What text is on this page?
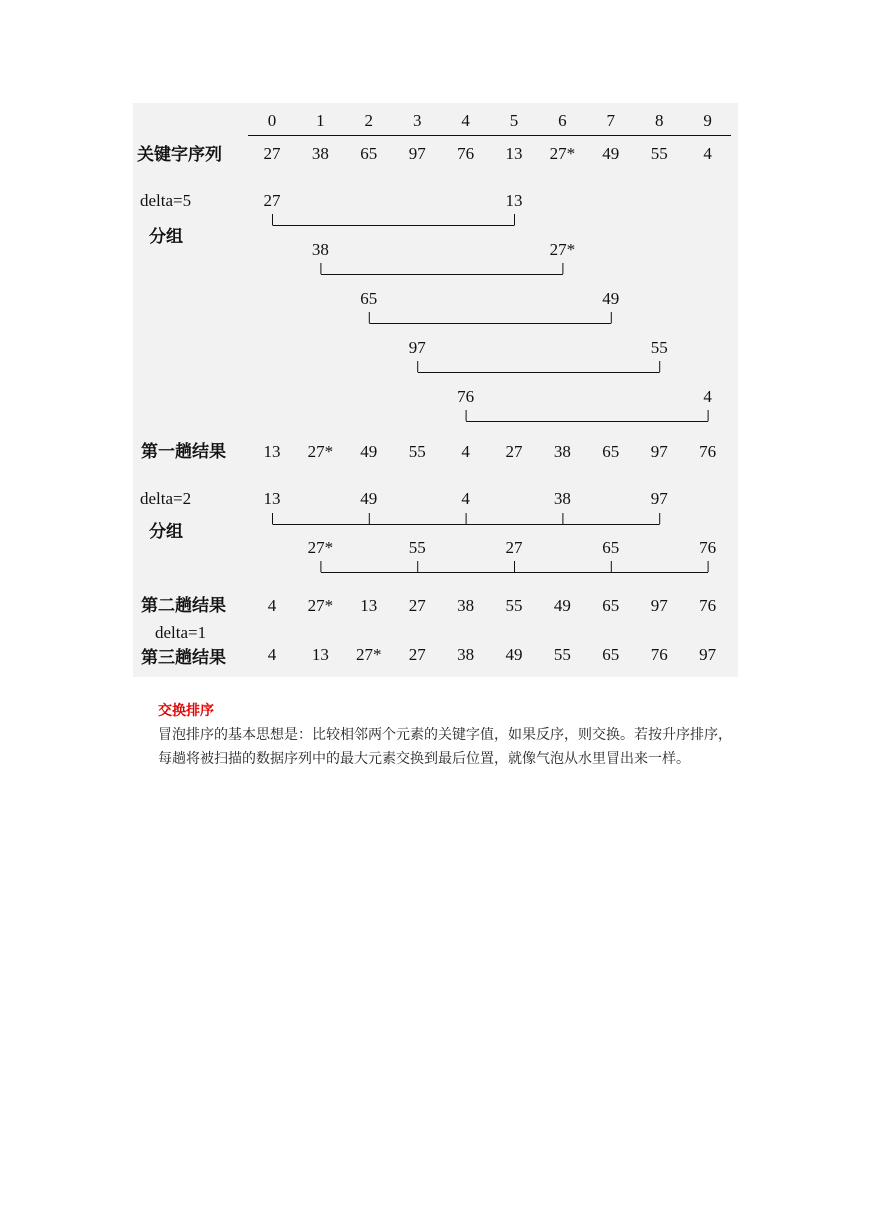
0 1 2 3 4 5 6 7 8 9
关键字序列 27 38 65 97 76 13 27* 49 55 4
delta=5
分组
27	13
38	27*
65	49
97	55
76	4
第一趟结果 13 27* 49 55 4 27 38 65 97 76
delta=2
分组
13	49	4	38	97
27*	55	27	65	76
第二趟结果 4 27* 13 27 38 55 49 65 97 76
delta=1
第三趟结果 4 13 27* 27 38 49 55 65 76 97
交换排序
冒泡排序的基本思想是：比较相邻两个元素的关键字值，如果反序，则交换。若按升序排序，每趟将被扫描的数据序列中的最大元素交换到最后位置，就像气泡从水里冒出来一样。
